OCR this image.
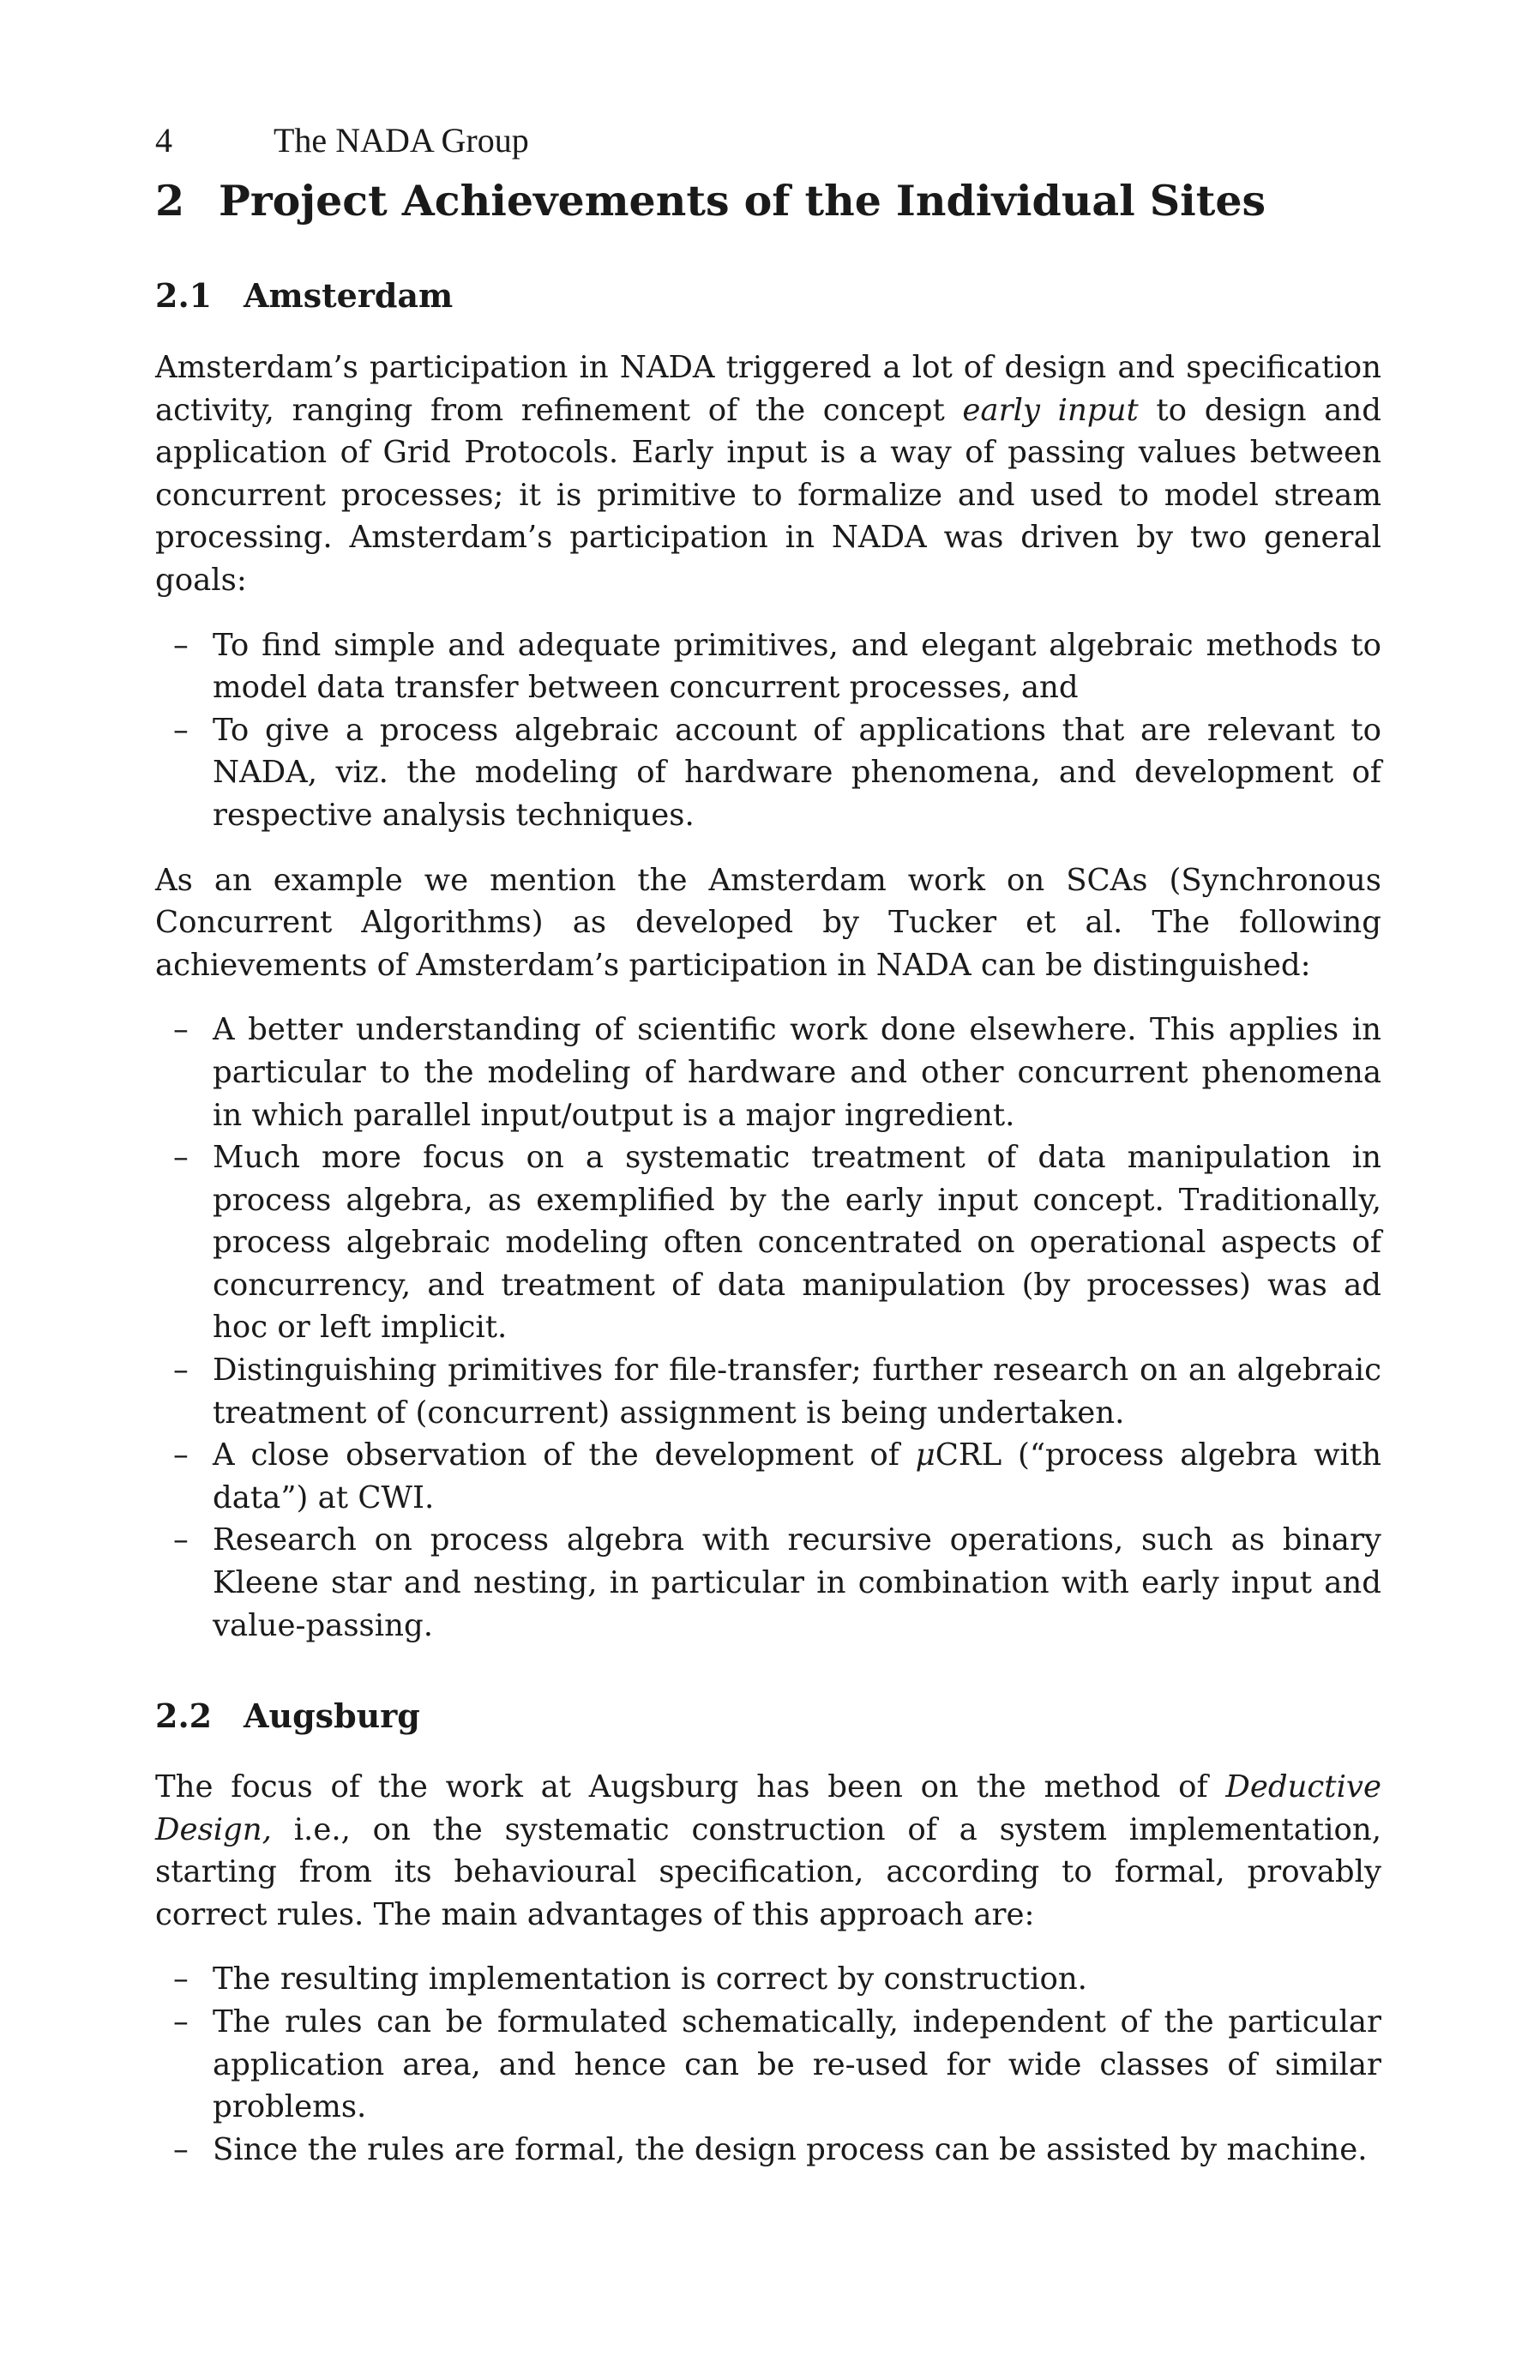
4	The NADA Group
2 Project Achievements of the Individual Sites
2.1 Amsterdam

Amsterdam’s participation in NADA triggered a lot of design and specification activity, ranging from refinement of the concept early input to design and application of Grid Protocols. Early input is a way of passing values between concurrent processes; it is primitive to formalize and used to model stream processing. Amsterdam’s participation in NADA was driven by two general goals:

– To find simple and adequate primitives, and elegant algebraic methods to model data transfer between concurrent processes, and
– To give a process algebraic account of applications that are relevant to NADA, viz. the modeling of hardware phenomena, and development of respective analysis techniques.

As an example we mention the Amsterdam work on SCAs (Synchronous Concurrent Algorithms) as developed by Tucker et al. The following achievements of Amsterdam’s participation in NADA can be distinguished:

– A better understanding of scientific work done elsewhere. This applies in particular to the modeling of hardware and other concurrent phenomena in which parallel input/output is a major ingredient.
– Much more focus on a systematic treatment of data manipulation in process algebra, as exemplified by the early input concept. Traditionally, process algebraic modeling often concentrated on operational aspects of concurrency, and treatment of data manipulation (by processes) was ad hoc or left implicit.
– Distinguishing primitives for file-transfer; further research on an algebraic treatment of (concurrent) assignment is being undertaken.
– A close observation of the development of μCRL (“process algebra with data”) at CWI.
– Research on process algebra with recursive operations, such as binary Kleene star and nesting, in particular in combination with early input and value-passing.
2.2 Augsburg

The focus of the work at Augsburg has been on the method of Deductive Design, i.e., on the systematic construction of a system implementation, starting from its behavioural specification, according to formal, provably correct rules. The main advantages of this approach are:

– The resulting implementation is correct by construction.
– The rules can be formulated schematically, independent of the particular application area, and hence can be re-used for wide classes of similar problems.
– Since the rules are formal, the design process can be assisted by machine.
